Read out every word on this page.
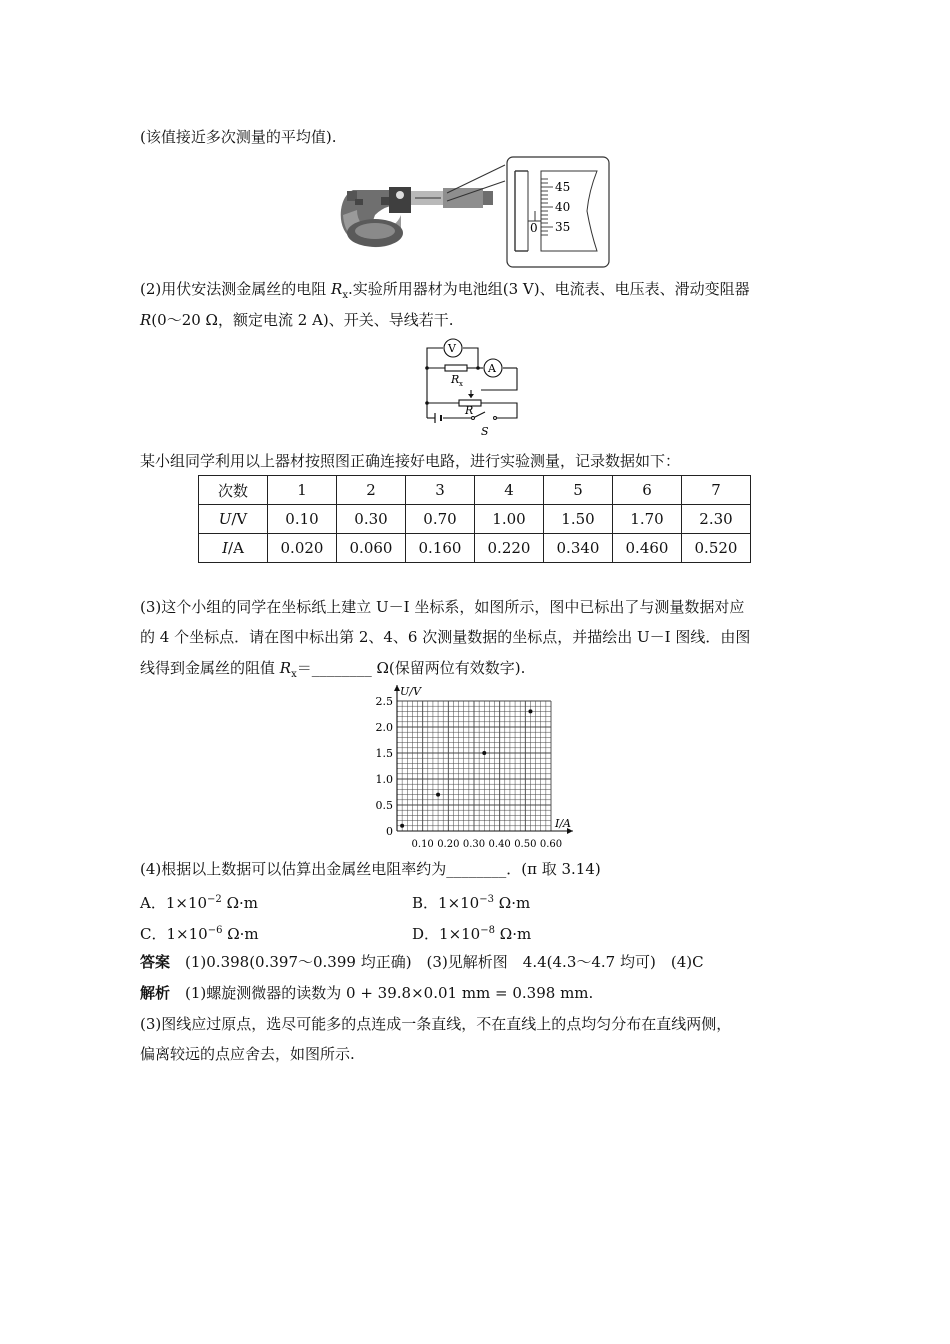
(该值接近多次测量的平均值).
45
40
35
0
(2)用伏安法测金属丝的电阻 $R_x$.实验所用器材为电池组(3 V)、电流表、电压表、滑动变阻器
R(0～20 Ω，额定电流 2 A)、开关、导线若干.
V
A
R x
R
S
某小组同学利用以上器材按照图正确连接好电路，进行实验测量，记录数据如下：
次数	1	2	3	4	5	6	7
U/V	0.10	0.30	0.70	1.00	1.50	1.70	2.30
I/A	0.020	0.060	0.160	0.220	0.340	0.460	0.520
(3)这个小组的同学在坐标纸上建立 U－I 坐标系，如图所示，图中已标出了与测量数据对应
的 4 个坐标点．请在图中标出第 2、4、6 次测量数据的坐标点，并描绘出 U－I 图线．由图
线得到金属丝的阻值 $R_x=\_\_\_\_\_\_\_\_$ Ω(保留两位有效数字).
0
0.5
1.0
1.5
2.0
2.5
0.10 0.20 0.30 0.40 0.50 0.60
U/V
I/A
(4)根据以上数据可以估算出金属丝电阻率约为________．(π 取 3.14)
A．$1\times 10^{-2}$ Ω·m	B．$1\times 10^{-3}$ Ω·m
C．$1\times 10^{-6}$ Ω·m	D．$1\times 10^{-8}$ Ω·m
答案　(1)0.398(0.397～0.399 均正确)　(3)见解析图　4.4(4.3～4.7 均可)　(4)C
解析　(1)螺旋测微器的读数为 0 + 39.8×0.01 mm = 0.398 mm.
(3)图线应过原点，选尽可能多的点连成一条直线，不在直线上的点均匀分布在直线两侧，
偏离较远的点应舍去，如图所示.
